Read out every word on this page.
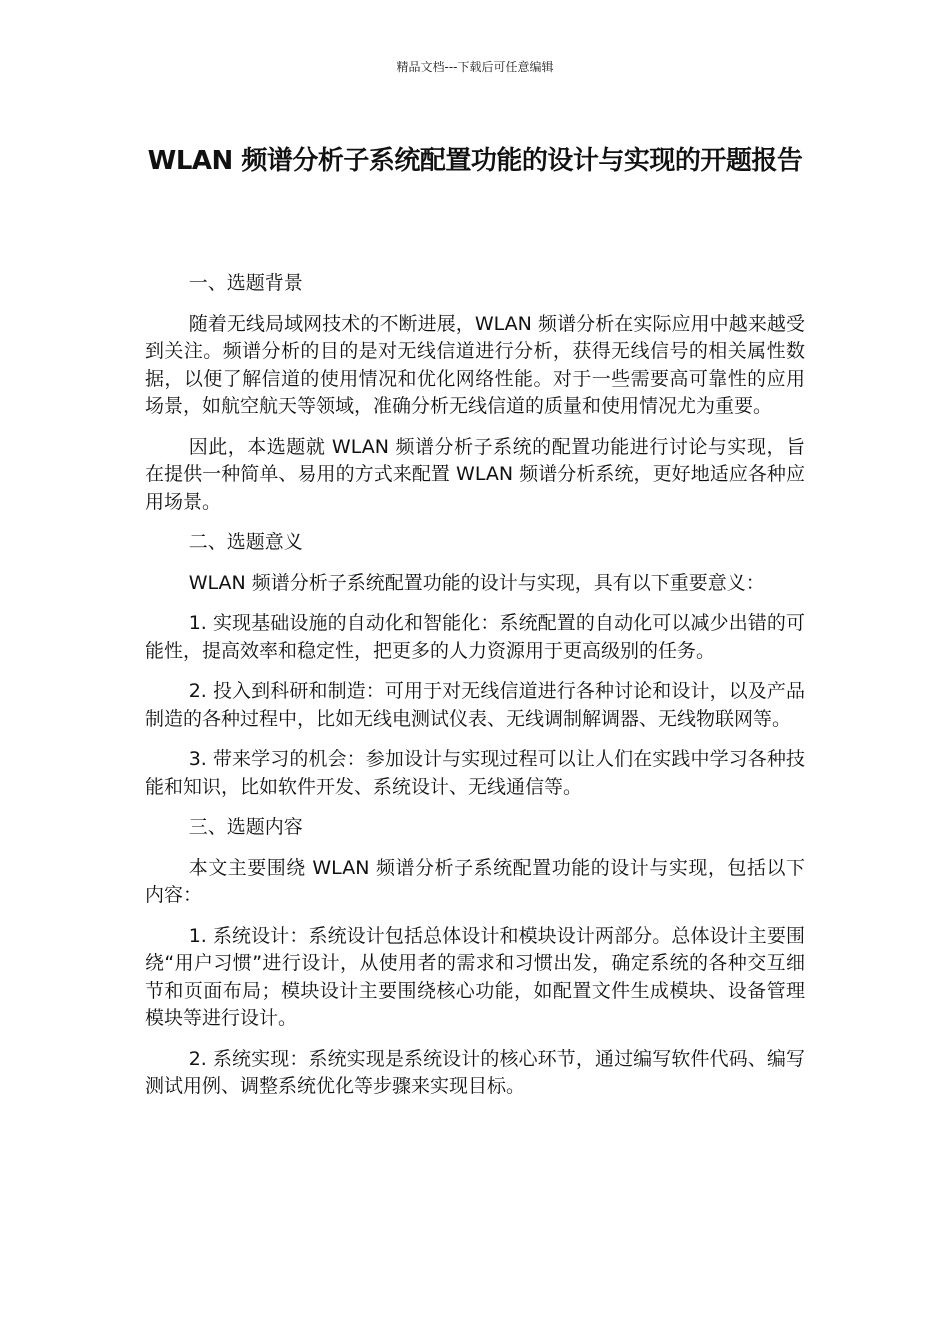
精品文档---下载后可任意编辑
WLAN 频谱分析子系统配置功能的设计与实现的开题报告

一、选题背景

随着无线局域网技术的不断进展，WLAN 频谱分析在实际应用中越来越受到关注。频谱分析的目的是对无线信道进行分析，获得无线信号的相关属性数据，以便了解信道的使用情况和优化网络性能。对于一些需要高可靠性的应用场景，如航空航天等领域，准确分析无线信道的质量和使用情况尤为重要。

因此，本选题就 WLAN 频谱分析子系统的配置功能进行讨论与实现，旨在提供一种简单、易用的方式来配置 WLAN 频谱分析系统，更好地适应各种应用场景。

二、选题意义

WLAN 频谱分析子系统配置功能的设计与实现，具有以下重要意义：

1. 实现基础设施的自动化和智能化：系统配置的自动化可以减少出错的可能性，提高效率和稳定性，把更多的人力资源用于更高级别的任务。

2. 投入到科研和制造：可用于对无线信道进行各种讨论和设计，以及产品制造的各种过程中，比如无线电测试仪表、无线调制解调器、无线物联网等。

3. 带来学习的机会：参加设计与实现过程可以让人们在实践中学习各种技能和知识，比如软件开发、系统设计、无线通信等。

三、选题内容

本文主要围绕 WLAN 频谱分析子系统配置功能的设计与实现，包括以下内容：

1. 系统设计：系统设计包括总体设计和模块设计两部分。总体设计主要围绕“用户习惯”进行设计，从使用者的需求和习惯出发，确定系统的各种交互细节和页面布局；模块设计主要围绕核心功能，如配置文件生成模块、设备管理模块等进行设计。

2. 系统实现：系统实现是系统设计的核心环节，通过编写软件代码、编写测试用例、调整系统优化等步骤来实现目标。
